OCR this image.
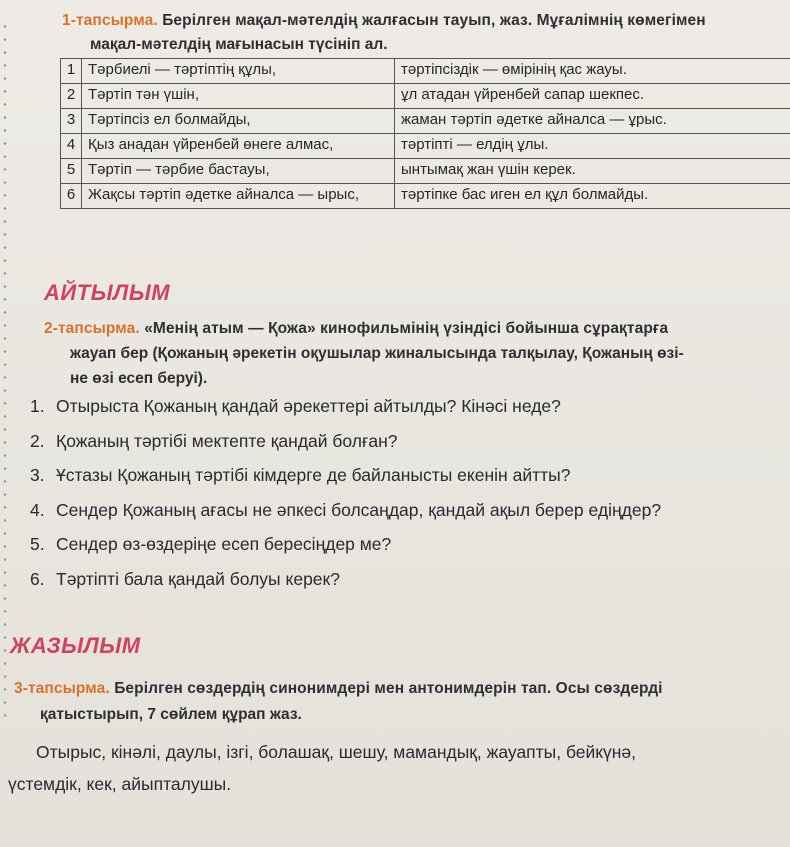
1-тапсырма. Берілген мақал-мәтелдің жалғасын тауып, жаз. Мұғалімнің көмегімен
мақал-мәтелдің мағынасын түсініп ал.
1	Тәрбиелі — тәртіптің құлы,	тәртіпсіздік — өмірінің қас жауы.
2	Тәртіп тән үшін,	ұл атадан үйренбей сапар шекпес.
3	Тәртіпсіз ел болмайды,	жаман тәртіп әдетке айналса — ұрыс.
4	Қыз анадан үйренбей өнеге алмас,	тәртіпті — елдің ұлы.
5	Тәртіп — тәрбие бастауы,	ынтымақ жан үшін керек.
6	Жақсы тәртіп әдетке айналса — ырыс,	тәртіпке бас иген ел құл болмайды.
АЙТЫЛЫМ
2-тапсырма. «Менің атым — Қожа» кинофильмінің үзіндісі бойынша сұрақтарға
жауап бер (Қожаның әрекетін оқушылар жиналысында талқылау, Қожаның өзі-
не өзі есеп беруі).
1. Отырыста Қожаның қандай әрекеттері айтылды? Кінәсі неде?
2. Қожаның тәртібі мектепте қандай болған?
3. Ұстазы Қожаның тәртібі кімдерге де байланысты екенін айтты?
4. Сендер Қожаның ағасы не әпкесі болсаңдар, қандай ақыл берер едіңдер?
5. Сендер өз-өздеріңе есеп бересіңдер ме?
6. Тәртіпті бала қандай болуы керек?
ЖАЗЫЛЫМ
3-тапсырма. Берілген сөздердің синонимдері мен антонимдерін тап. Осы сөздерді
қатыстырып, 7 сөйлем құрап жаз.
Отырыс, кінәлі, даулы, ізгі, болашақ, шешу, мамандық, жауапты, бейкүнә,
үстемдік, кек, айыпталушы.
